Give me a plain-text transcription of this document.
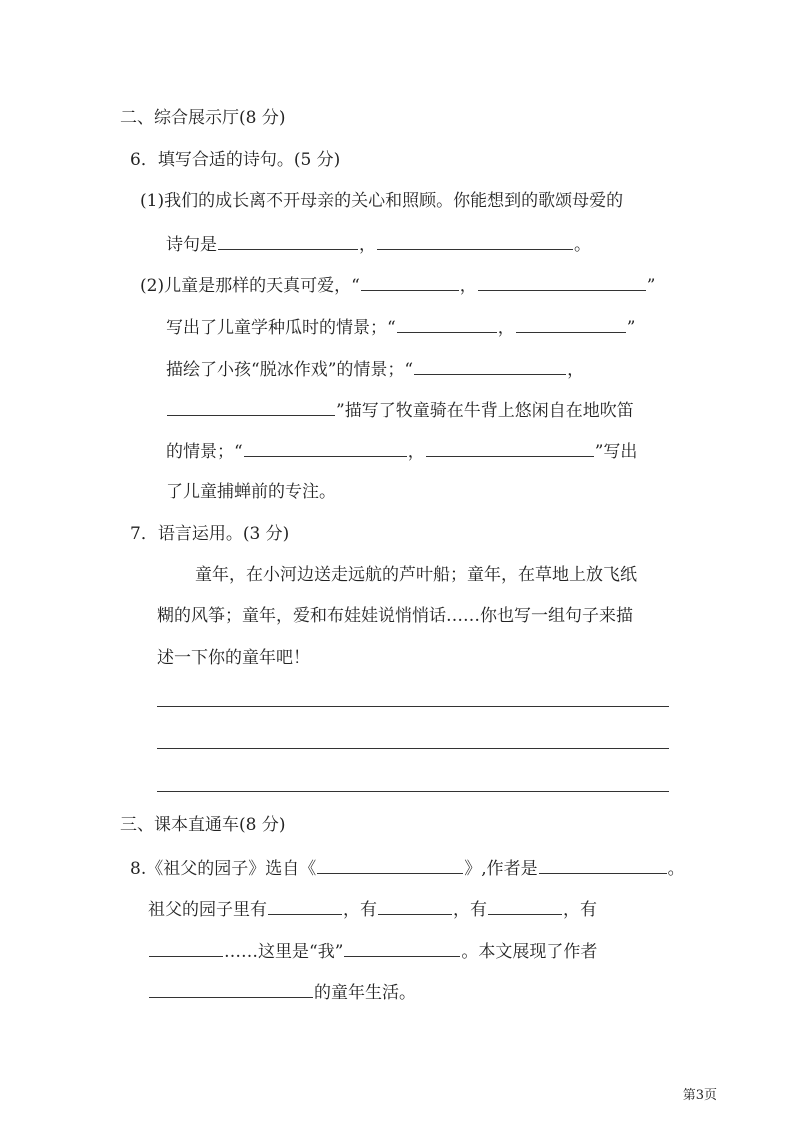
二、综合展示厅(8 分)
6．填写合适的诗句。(5 分)
(1)我们的成长离不开母亲的关心和照顾。你能想到的歌颂母爱的
诗句是	，	。
(2)儿童是那样的天真可爱，“	，	”
写出了儿童学种瓜时的情景；“	，	”
描绘了小孩“脱冰作戏”的情景；“	，
”描写了牧童骑在牛背上悠闲自在地吹笛
的情景；“	，	”写出
了儿童捕蝉前的专注。
7．语言运用。(3 分)
童年，在小河边送走远航的芦叶船；童年，在草地上放飞纸
糊的风筝；童年，爱和布娃娃说悄悄话……你也写一组句子来描
述一下你的童年吧！
三、课本直通车(8 分)
8.《祖父的园子》选自《	》,作者是	。
祖父的园子里有	，有	，有	，有
……这里是“我”	。本文展现了作者
的童年生活。
第3页
